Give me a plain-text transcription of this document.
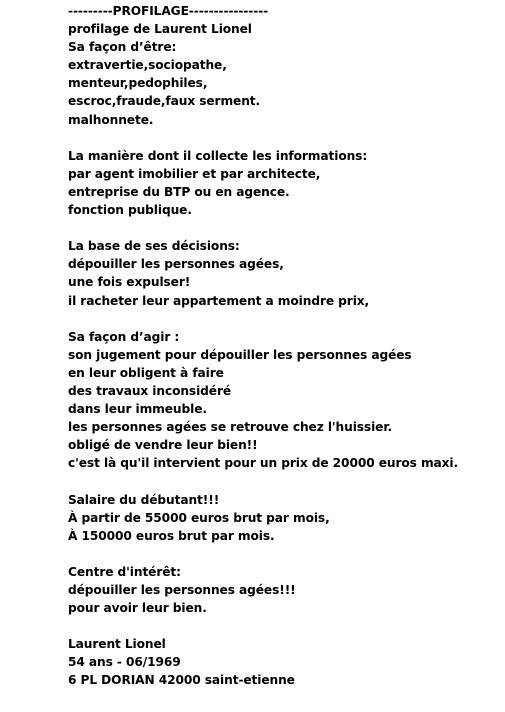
---------PROFILAGE----------------
profilage de Laurent Lionel
Sa façon d’être:
extravertie,sociopathe,
menteur,pedophiles,
escroc,fraude,faux serment.
malhonnete.
La manière dont il collecte les informations:
par agent imobilier et par architecte,
entreprise du BTP ou en agence.
fonction publique.
La base de ses décisions:
dépouiller les personnes agées,
une fois expulser!
il racheter leur appartement a moindre prix,
Sa façon d’agir :
son jugement pour dépouiller les personnes agées
en leur obligent à faire
des travaux inconsidéré
dans leur immeuble.
les personnes agées se retrouve chez l'huissier.
obligé de vendre leur bien!!
c'est là qu'il intervient pour un prix de 20000 euros maxi.
Salaire du débutant!!!
À partir de 55000 euros brut par mois,
À 150000 euros brut par mois.
Centre d'intérêt:
dépouiller les personnes agées!!!
pour avoir leur bien.
Laurent Lionel
54 ans - 06/1969
6 PL DORIAN 42000 saint-etienne
